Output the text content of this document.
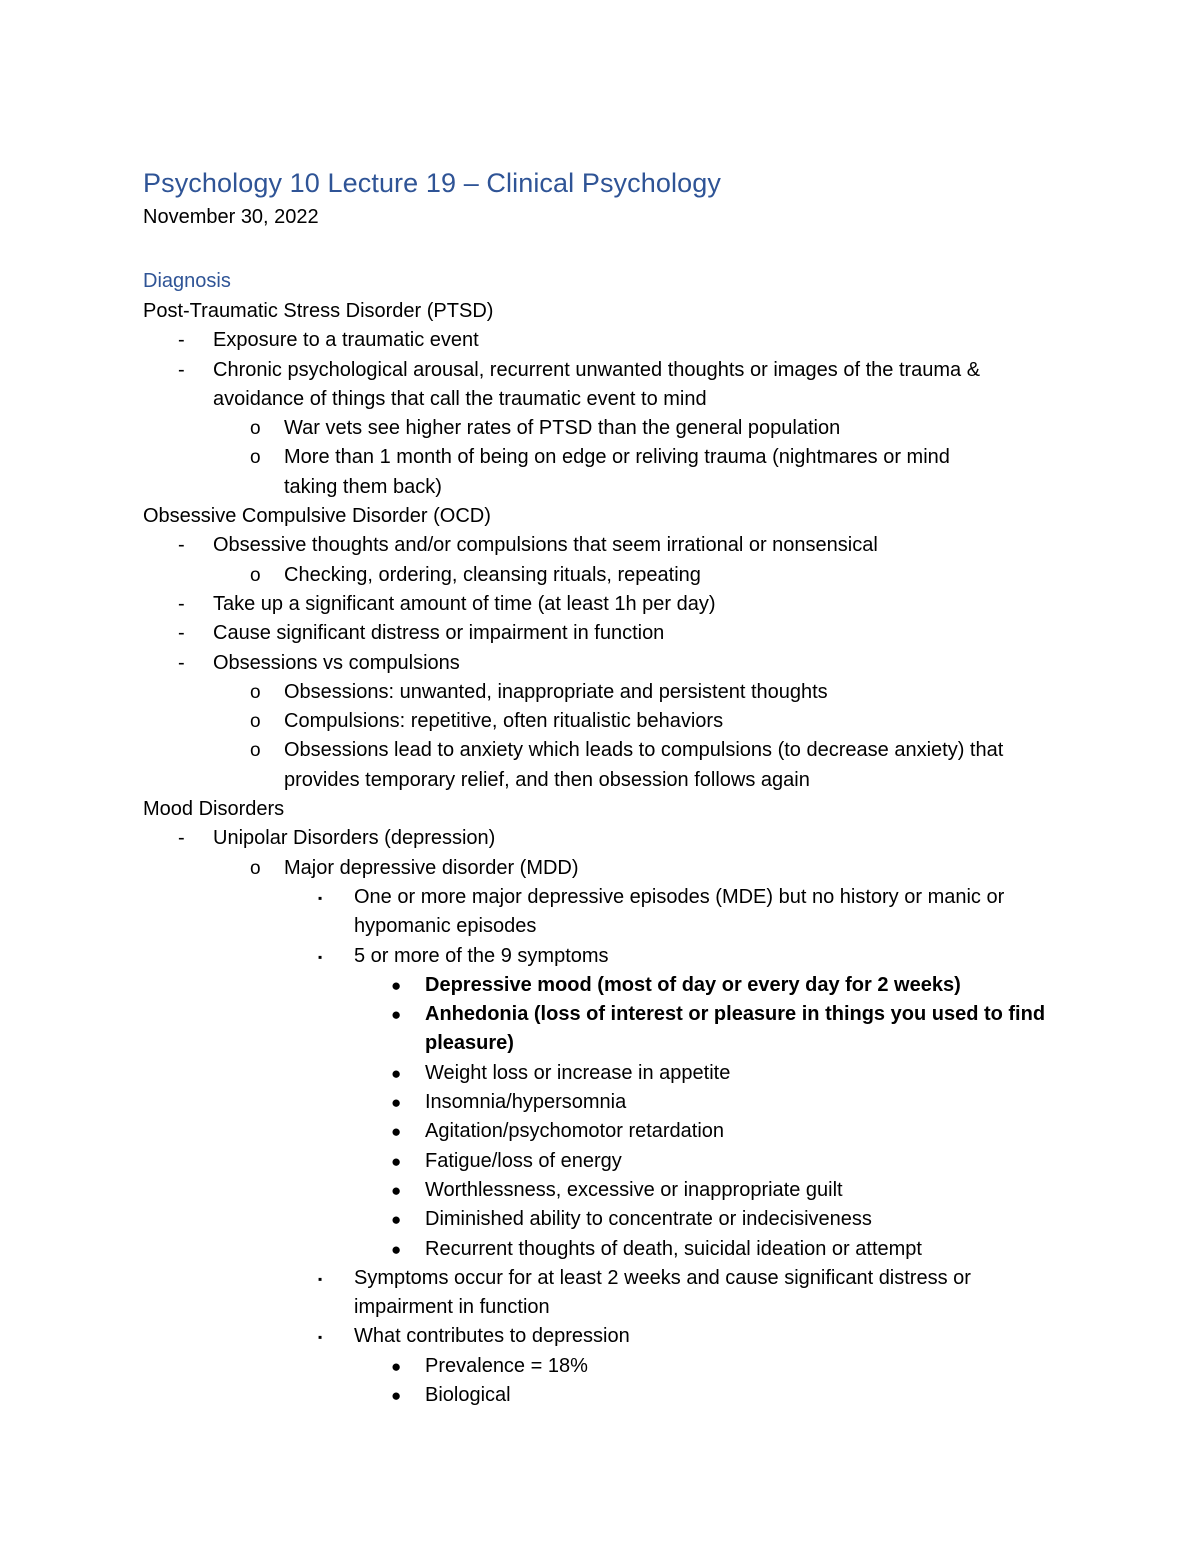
Psychology 10 Lecture 19 – Clinical Psychology
November 30, 2022
Diagnosis
Post-Traumatic Stress Disorder (PTSD)
- Exposure to a traumatic event
- Chronic psychological arousal, recurrent unwanted thoughts or images of the trauma &
avoidance of things that call the traumatic event to mind
o War vets see higher rates of PTSD than the general population
o More than 1 month of being on edge or reliving trauma (nightmares or mind
taking them back)
Obsessive Compulsive Disorder (OCD)
- Obsessive thoughts and/or compulsions that seem irrational or nonsensical
o Checking, ordering, cleansing rituals, repeating
- Take up a significant amount of time (at least 1h per day)
- Cause significant distress or impairment in function
- Obsessions vs compulsions
o Obsessions: unwanted, inappropriate and persistent thoughts
o Compulsions: repetitive, often ritualistic behaviors
o Obsessions lead to anxiety which leads to compulsions (to decrease anxiety) that
provides temporary relief, and then obsession follows again
Mood Disorders
- Unipolar Disorders (depression)
o Major depressive disorder (MDD)
▪ One or more major depressive episodes (MDE) but no history or manic or
hypomanic episodes
▪ 5 or more of the 9 symptoms
● Depressive mood (most of day or every day for 2 weeks)
● Anhedonia (loss of interest or pleasure in things you used to find
pleasure)
● Weight loss or increase in appetite
● Insomnia/hypersomnia
● Agitation/psychomotor retardation
● Fatigue/loss of energy
● Worthlessness, excessive or inappropriate guilt
● Diminished ability to concentrate or indecisiveness
● Recurrent thoughts of death, suicidal ideation or attempt
▪ Symptoms occur for at least 2 weeks and cause significant distress or
impairment in function
▪ What contributes to depression
● Prevalence = 18%
● Biological
